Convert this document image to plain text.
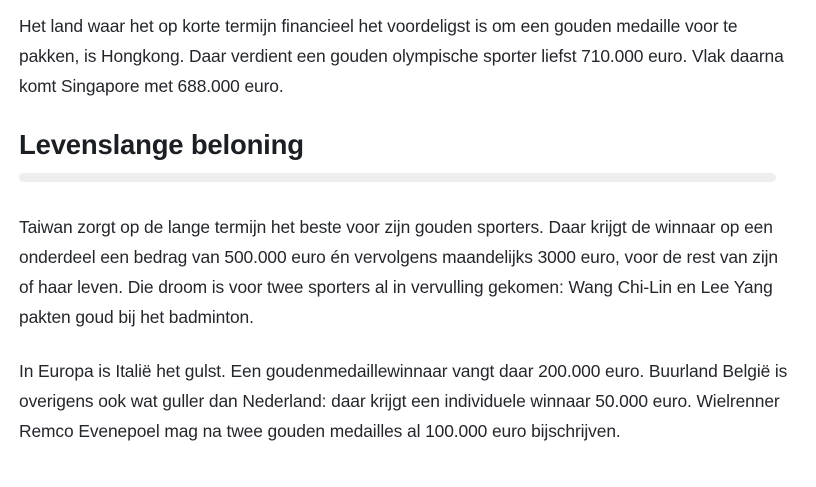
Het land waar het op korte termijn financieel het voordeligst is om een gouden medaille voor te pakken, is Hongkong. Daar verdient een gouden olympische sporter liefst 710.000 euro. Vlak daarna komt Singapore met 688.000 euro.

Levenslange beloning

Taiwan zorgt op de lange termijn het beste voor zijn gouden sporters. Daar krijgt de winnaar op een onderdeel een bedrag van 500.000 euro én vervolgens maandelijks 3000 euro, voor de rest van zijn of haar leven. Die droom is voor twee sporters al in vervulling gekomen: Wang Chi-Lin en Lee Yang pakten goud bij het badminton.

In Europa is Italië het gulst. Een goudenmedaillewinnaar vangt daar 200.000 euro. Buurland België is overigens ook wat guller dan Nederland: daar krijgt een individuele winnaar 50.000 euro. Wielrenner Remco Evenepoel mag na twee gouden medailles al 100.000 euro bijschrijven.
